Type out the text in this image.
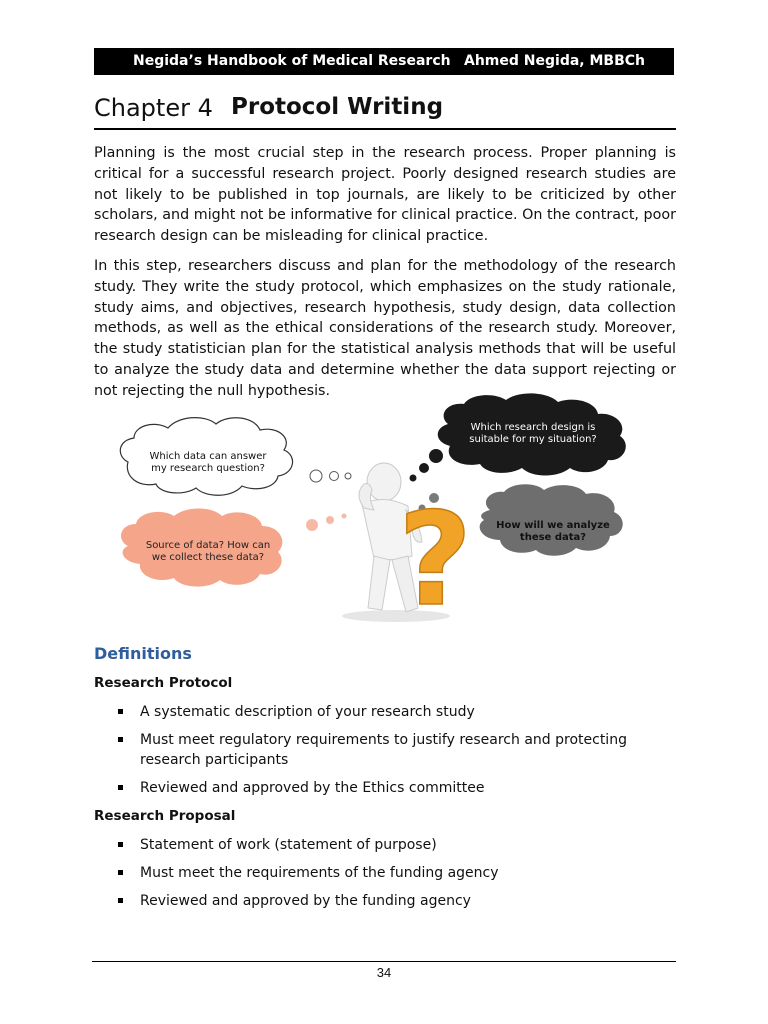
Negida’s Handbook of Medical Research Ahmed Negida, MBBCh
Chapter 4 Protocol Writing

Planning is the most crucial step in the research process. Proper planning is critical for a successful research project. Poorly designed research studies are not likely to be published in top journals, are likely to be criticized by other scholars, and might not be informative for clinical practice. On the contract, poor research design can be misleading for clinical practice.

In this step, researchers discuss and plan for the methodology of the research study. They write the study protocol, which emphasizes on the study rationale, study aims, and objectives, research hypothesis, study design, data collection methods, as well as the ethical considerations of the research study. Moreover, the study statistician plan for the statistical analysis methods that will be useful to analyze the study data and determine whether the data support rejecting or not rejecting the null hypothesis.

?
Which data can answer
my research question?
Which research design is
suitable for my situation?
Source of data? How can
we collect these data?
How will we analyze
these data?
Definitions
Research Protocol
A systematic description of your research study
Must meet regulatory requirements to justify research and protecting research participants
Reviewed and approved by the Ethics committee
Research Proposal
Statement of work (statement of purpose)
Must meet the requirements of the funding agency
Reviewed and approved by the funding agency
34
